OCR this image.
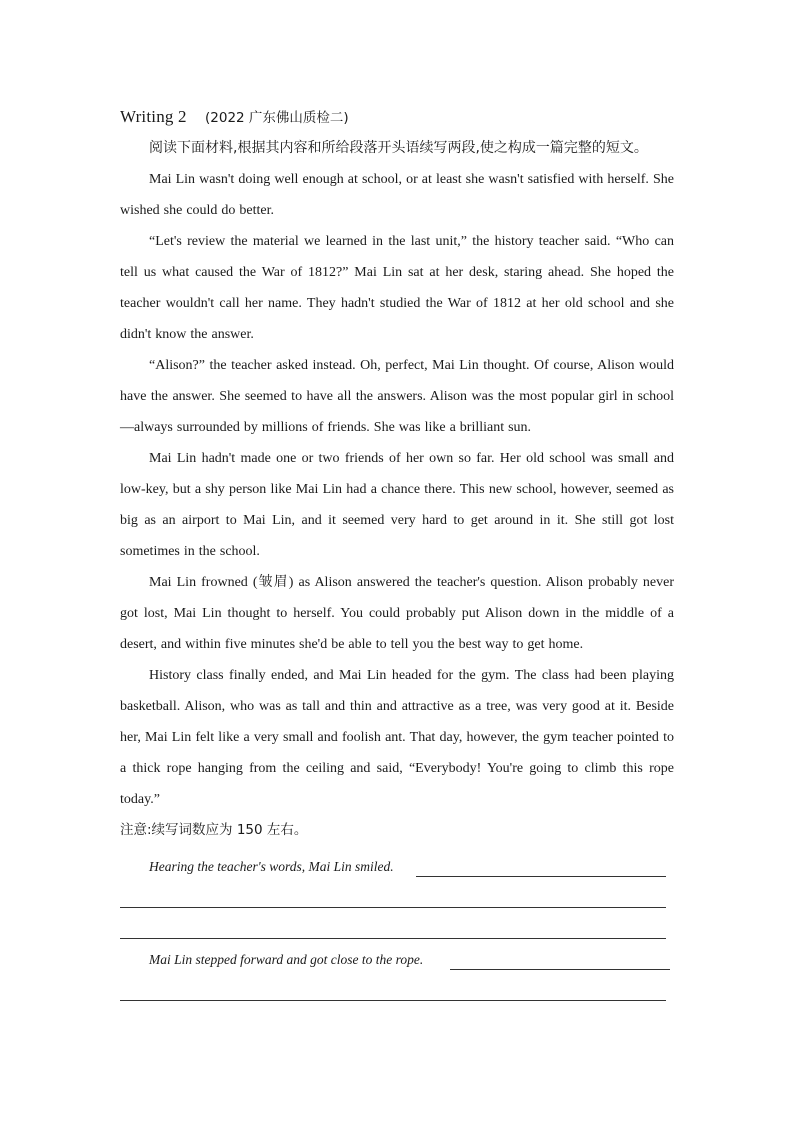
Writing 2 (2022 广东佛山质检二)

阅读下面材料,根据其内容和所给段落开头语续写两段,使之构成一篇完整的短文。

Mai Lin wasn't doing well enough at school, or at least she wasn't satisfied with herself. She wished she could do better.

“Let's review the material we learned in the last unit,” the history teacher said. “Who can tell us what caused the War of 1812?” Mai Lin sat at her desk, staring ahead. She hoped the teacher wouldn't call her name. They hadn't studied the War of 1812 at her old school and she didn't know the answer.

“Alison?” the teacher asked instead. Oh, perfect, Mai Lin thought. Of course, Alison would have the answer. She seemed to have all the answers. Alison was the most popular girl in school—always surrounded by millions of friends. She was like a brilliant sun.

Mai Lin hadn't made one or two friends of her own so far. Her old school was small and low-key, but a shy person like Mai Lin had a chance there. This new school, however, seemed as big as an airport to Mai Lin, and it seemed very hard to get around in it. She still got lost sometimes in the school.

Mai Lin frowned (皱眉) as Alison answered the teacher's question. Alison probably never got lost, Mai Lin thought to herself. You could probably put Alison down in the middle of a desert, and within five minutes she'd be able to tell you the best way to get home.

History class finally ended, and Mai Lin headed for the gym. The class had been playing basketball. Alison, who was as tall and thin and attractive as a tree, was very good at it. Beside her, Mai Lin felt like a very small and foolish ant. That day, however, the gym teacher pointed to a thick rope hanging from the ceiling and said, “Everybody! You're going to climb this rope today.”

注意:续写词数应为 150 左右。

Hearing the teacher's words, Mai Lin smiled.
Mai Lin stepped forward and got close to the rope.
